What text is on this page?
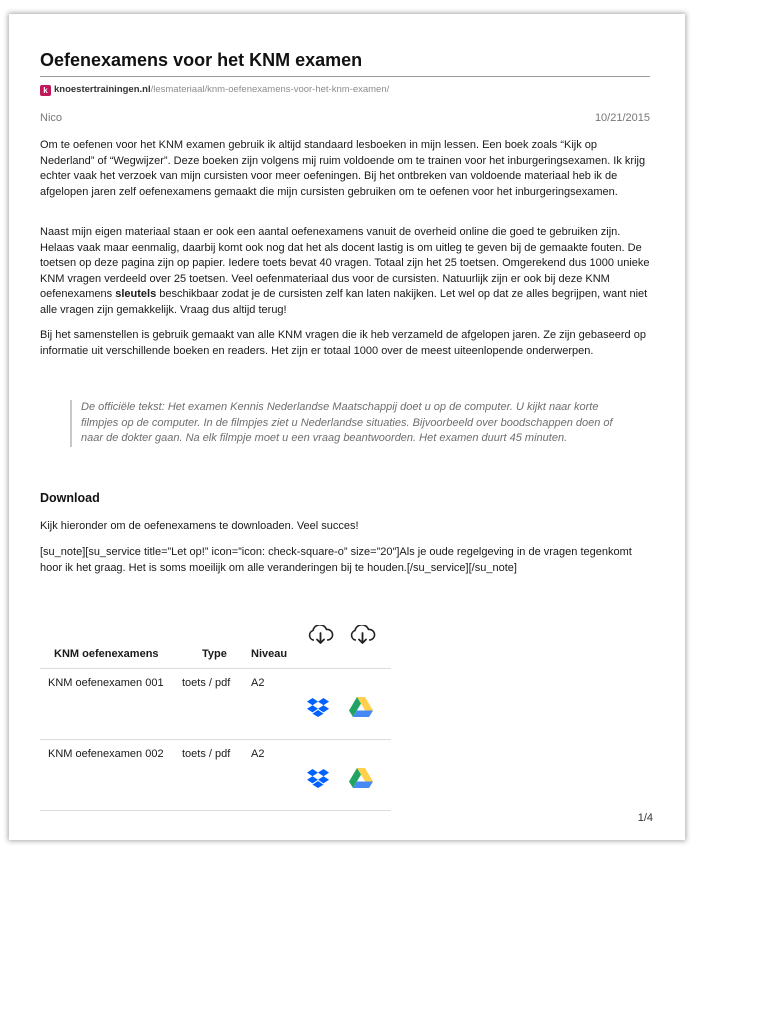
Oefenexamens voor het KNM examen
k knoestertrainingen.nl/lesmateriaal/knm-oefenexamens-voor-het-knm-examen/
Nico	10/21/2015

Om te oefenen voor het KNM examen gebruik ik altijd standaard lesboeken in mijn lessen. Een boek zoals “Kijk op Nederland” of “Wegwijzer”. Deze boeken zijn volgens mij ruim voldoende om te trainen voor het inburgeringsexamen. Ik krijg echter vaak het verzoek van mijn cursisten voor meer oefeningen. Bij het ontbreken van voldoende materiaal heb ik de afgelopen jaren zelf oefenexamens gemaakt die mijn cursisten gebruiken om te oefenen voor het inburgeringsexamen.

Naast mijn eigen materiaal staan er ook een aantal oefenexamens vanuit de overheid online die goed te gebruiken zijn. Helaas vaak maar eenmalig, daarbij komt ook nog dat het als docent lastig is om uitleg te geven bij de gemaakte fouten. De toetsen op deze pagina zijn op papier. Iedere toets bevat 40 vragen. Totaal zijn het 25 toetsen. Omgerekend dus 1000 unieke KNM vragen verdeeld over 25 toetsen. Veel oefenmateriaal dus voor de cursisten. Natuurlijk zijn er ook bij deze KNM oefenexamens sleutels beschikbaar zodat je de cursisten zelf kan laten nakijken. Let wel op dat ze alles begrijpen, want niet alle vragen zijn gemakkelijk. Vraag dus altijd terug!

Bij het samenstellen is gebruik gemaakt van alle KNM vragen die ik heb verzameld de afgelopen jaren. Ze zijn gebaseerd op informatie uit verschillende boeken en readers. Het zijn er totaal 1000 over de meest uiteenlopende onderwerpen.

De officiële tekst: Het examen Kennis Nederlandse Maatschappij doet u op de computer. U kijkt naar korte filmpjes op de computer. In de filmpjes ziet u Nederlandse situaties. Bijvoorbeeld over boodschappen doen of naar de dokter gaan. Na elk filmpje moet u een vraag beantwoorden. Het examen duurt 45 minuten.
Download

Kijk hieronder om de oefenexamens te downloaden. Veel succes!

[su_note][su_service title=”Let op!” icon=”icon: check-square-o” size=”20″]Als je oude regelgeving in de vragen tegenkomt hoor ik het graag. Het is soms moeilijk om alle veranderingen bij te houden.[/su_service][/su_note]

KNM oefenexamens	Type	Niveau	

KNM oefenexamen 001	toets / pdf	A2	

KNM oefenexamen 002	toets / pdf	A2	

1/4
